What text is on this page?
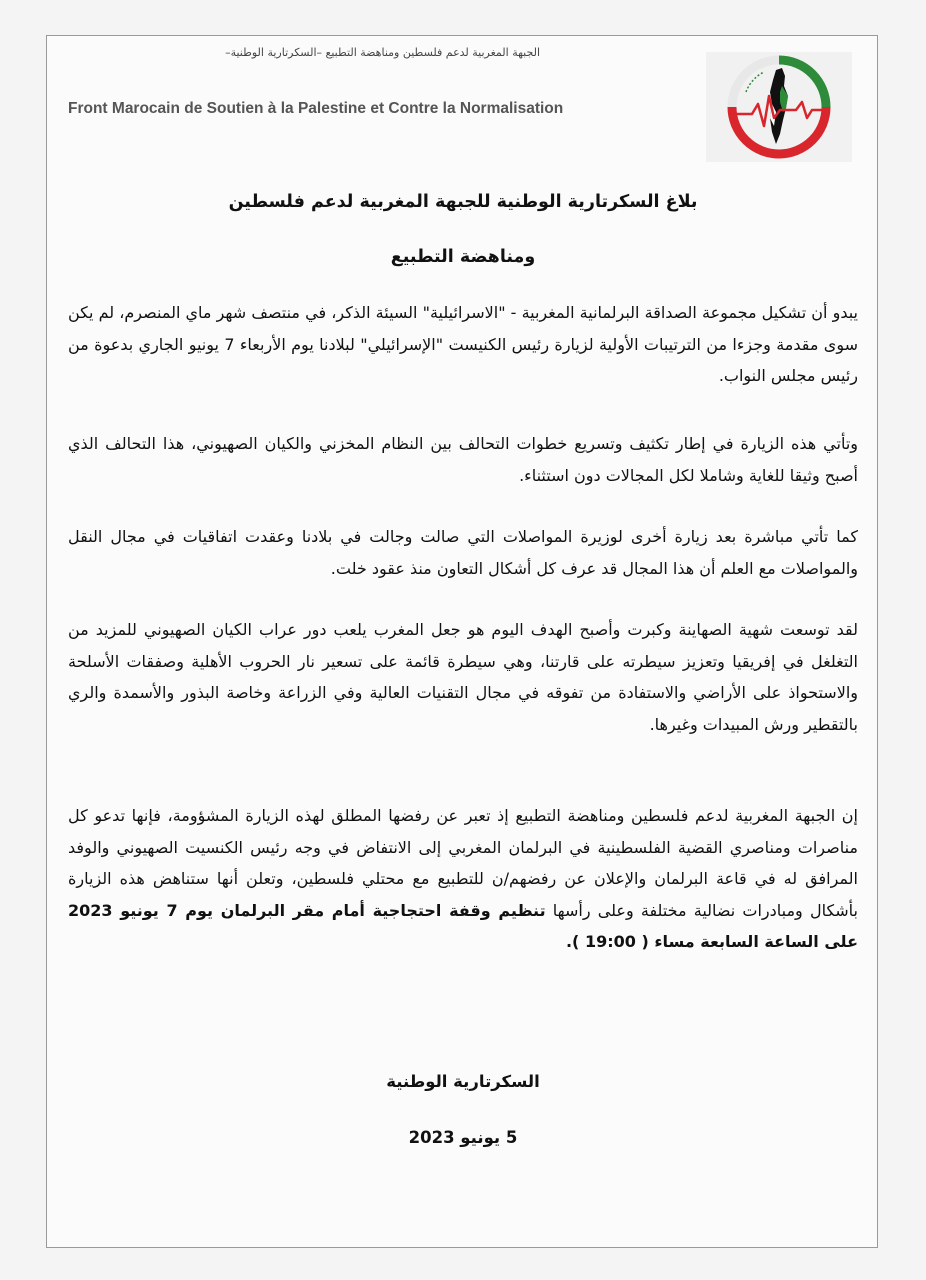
الجبهة المغربية لدعم فلسطين ومناهضة التطبيع –السكرتارية الوطنية–
Front Marocain de Soutien à la Palestine et Contre la Normalisation
بلاغ السكرتارية الوطنية للجبهة المغربية لدعم فلسطين
ومناهضة التطبيع
يبدو أن تشكيل مجموعة الصداقة البرلمانية المغربية - "الاسرائيلية" السيئة الذكر، في منتصف شهر ماي المنصرم، لم يكن سوى مقدمة وجزءا من الترتيبات الأولية لزيارة رئيس الكنيست "الإسرائيلي" لبلادنا يوم الأربعاء 7 يونيو الجاري بدعوة من رئيس مجلس النواب.
وتأتي هذه الزيارة في إطار تكثيف وتسريع خطوات التحالف بين النظام المخزني والكيان الصهيوني، هذا التحالف الذي أصبح وثيقا للغاية وشاملا لكل المجالات دون استثناء.
كما تأتي مباشرة بعد زيارة أخرى لوزيرة المواصلات التي صالت وجالت في بلادنا وعقدت اتفاقيات في مجال النقل والمواصلات مع العلم أن هذا المجال قد عرف كل أشكال التعاون منذ عقود خلت.
لقد توسعت شهية الصهاينة وكبرت وأصبح الهدف اليوم هو جعل المغرب يلعب دور عراب الكيان الصهيوني للمزيد من التغلغل في إفريقيا وتعزيز سيطرته على قارتنا، وهي سيطرة قائمة على تسعير نار الحروب الأهلية وصفقات الأسلحة والاستحواذ على الأراضي والاستفادة من تفوقه في مجال التقنيات العالية وفي الزراعة وخاصة البذور والأسمدة والري بالتقطير ورش المبيدات وغيرها.
إن الجبهة المغربية لدعم فلسطين ومناهضة التطبيع إذ تعبر عن رفضها المطلق لهذه الزيارة المشؤومة، فإنها تدعو كل مناصرات ومناصري القضية الفلسطينية في البرلمان المغربي إلى الانتفاض في وجه رئيس الكنسيت الصهيوني والوفد المرافق له في قاعة البرلمان والإعلان عن رفضهم/ن للتطبيع مع محتلي فلسطين، وتعلن أنها ستناهض هذه الزيارة بأشكال ومبادرات نضالية مختلفة وعلى رأسها تنظيم وقفة احتجاجية أمام مقر البرلمان يوم 7 يونيو 2023 على الساعة السابعة مساء ( 19:00 ).
السكرتارية الوطنية
5 يونيو 2023
